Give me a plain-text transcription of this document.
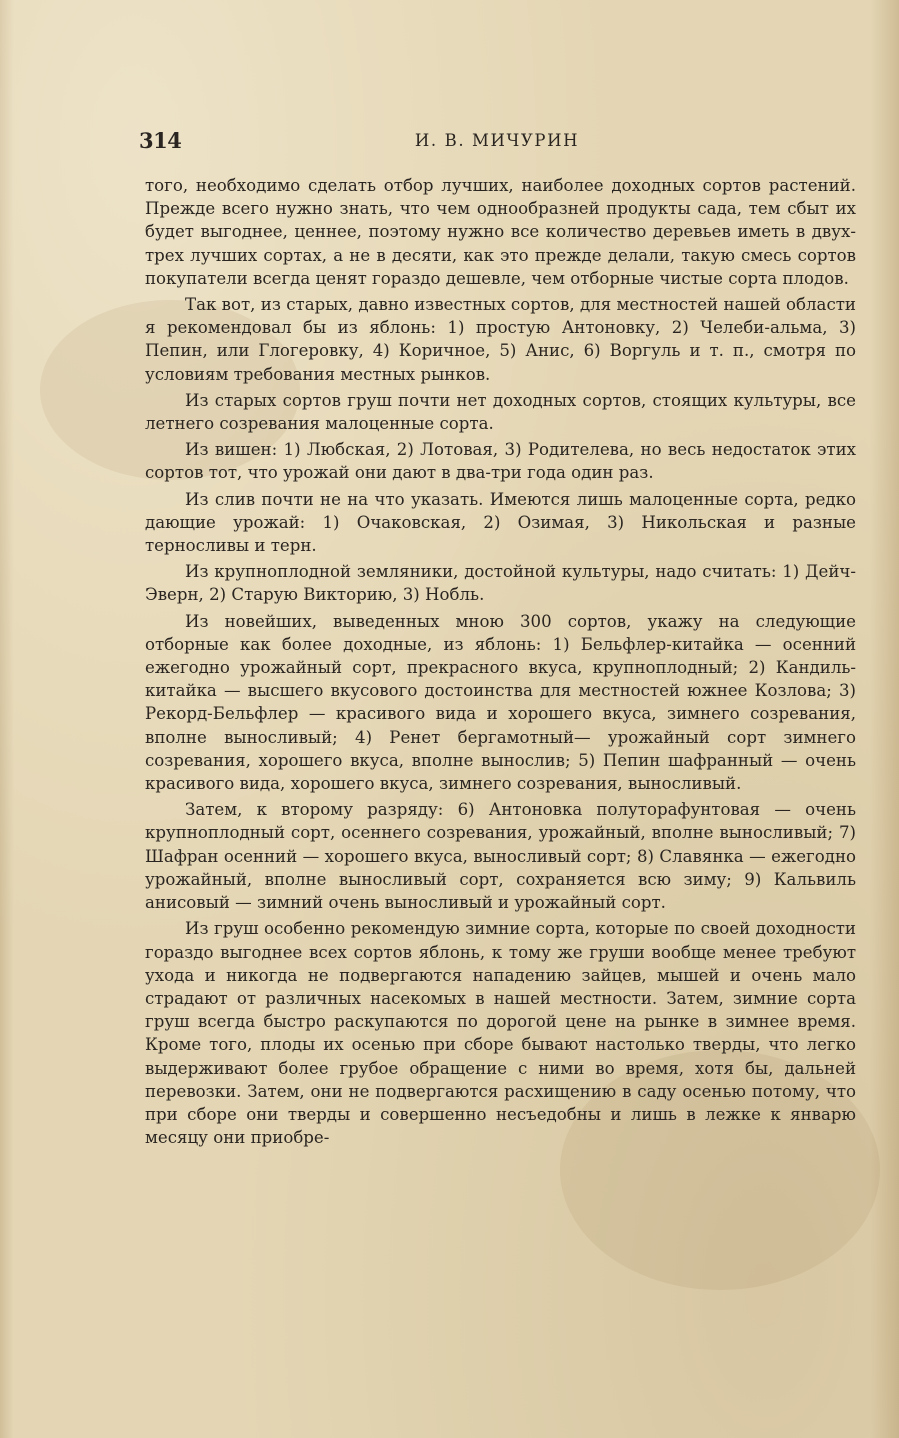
314	И. В. МИЧУРИН

того, необходимо сделать отбор лучших, наиболее доходных сортов растений. Прежде всего нужно знать, что чем однообразней продукты сада, тем сбыт их будет выгоднее, ценнее, поэтому нужно все количество деревьев иметь в двух-трех лучших сортах, а не в десяти, как это прежде делали, такую смесь сортов покупатели всегда ценят гораздо дешевле, чем отборные чистые сорта плодов.

Так вот, из старых, давно известных сортов, для местностей нашей области я рекомендовал бы из яблонь: 1) простую Антоновку, 2) Челеби-альма, 3) Пепин, или Глогеровку, 4) Коричное, 5) Анис, 6) Воргуль и т. п., смотря по условиям требования местных рынков.

Из старых сортов груш почти нет доходных сортов, стоящих культуры, все летнего созревания малоценные сорта.

Из вишен: 1) Любская, 2) Лотовая, 3) Родителева, но весь недостаток этих сортов тот, что урожай они дают в два-три года один раз.

Из слив почти не на что указать. Имеются лишь малоценные сорта, редко дающие урожай: 1) Очаковская, 2) Озимая, 3) Никольская и разные терносливы и терн.

Из крупноплодной земляники, достойной культуры, надо считать: 1) Дейч-Эверн, 2) Старую Викторию, 3) Нобль.

Из новейших, выведенных мною 300 сортов, укажу на следующие отборные как более доходные, из яблонь: 1) Бельфлер-китайка — осенний ежегодно урожайный сорт, прекрасного вкуса, крупноплодный; 2) Кандиль-китайка — высшего вкусового достоинства для местностей южнее Козлова; 3) Рекорд-Бельфлер — красивого вида и хорошего вкуса, зимнего созревания, вполне выносливый; 4) Ренет бергамотный— урожайный сорт зимнего созревания, хорошего вкуса, вполне вынослив; 5) Пепин шафранный — очень красивого вида, хорошего вкуса, зимнего созревания, выносливый.

Затем, к второму разряду: 6) Антоновка полуторафунтовая — очень крупноплодный сорт, осеннего созревания, урожайный, вполне выносливый; 7) Шафран осенний — хорошего вкуса, выносливый сорт; 8) Славянка — ежегодно урожайный, вполне выносливый сорт, сохраняется всю зиму; 9) Кальвиль анисовый — зимний очень выносливый и урожайный сорт.

Из груш особенно рекомендую зимние сорта, которые по своей доходности гораздо выгоднее всех сортов яблонь, к тому же груши вообще менее требуют ухода и никогда не подвергаются нападению зайцев, мышей и очень мало страдают от различных насекомых в нашей местности. Затем, зимние сорта груш всегда быстро раскупаются по дорогой цене на рынке в зимнее время. Кроме того, плоды их осенью при сборе бывают настолько тверды, что легко выдерживают более грубое обращение с ними во время, хотя бы, дальней перевозки. Затем, они не подвергаются расхищению в саду осенью потому, что при сборе они тверды и совершенно несъедобны и лишь в лежке к январю месяцу они приобре-
